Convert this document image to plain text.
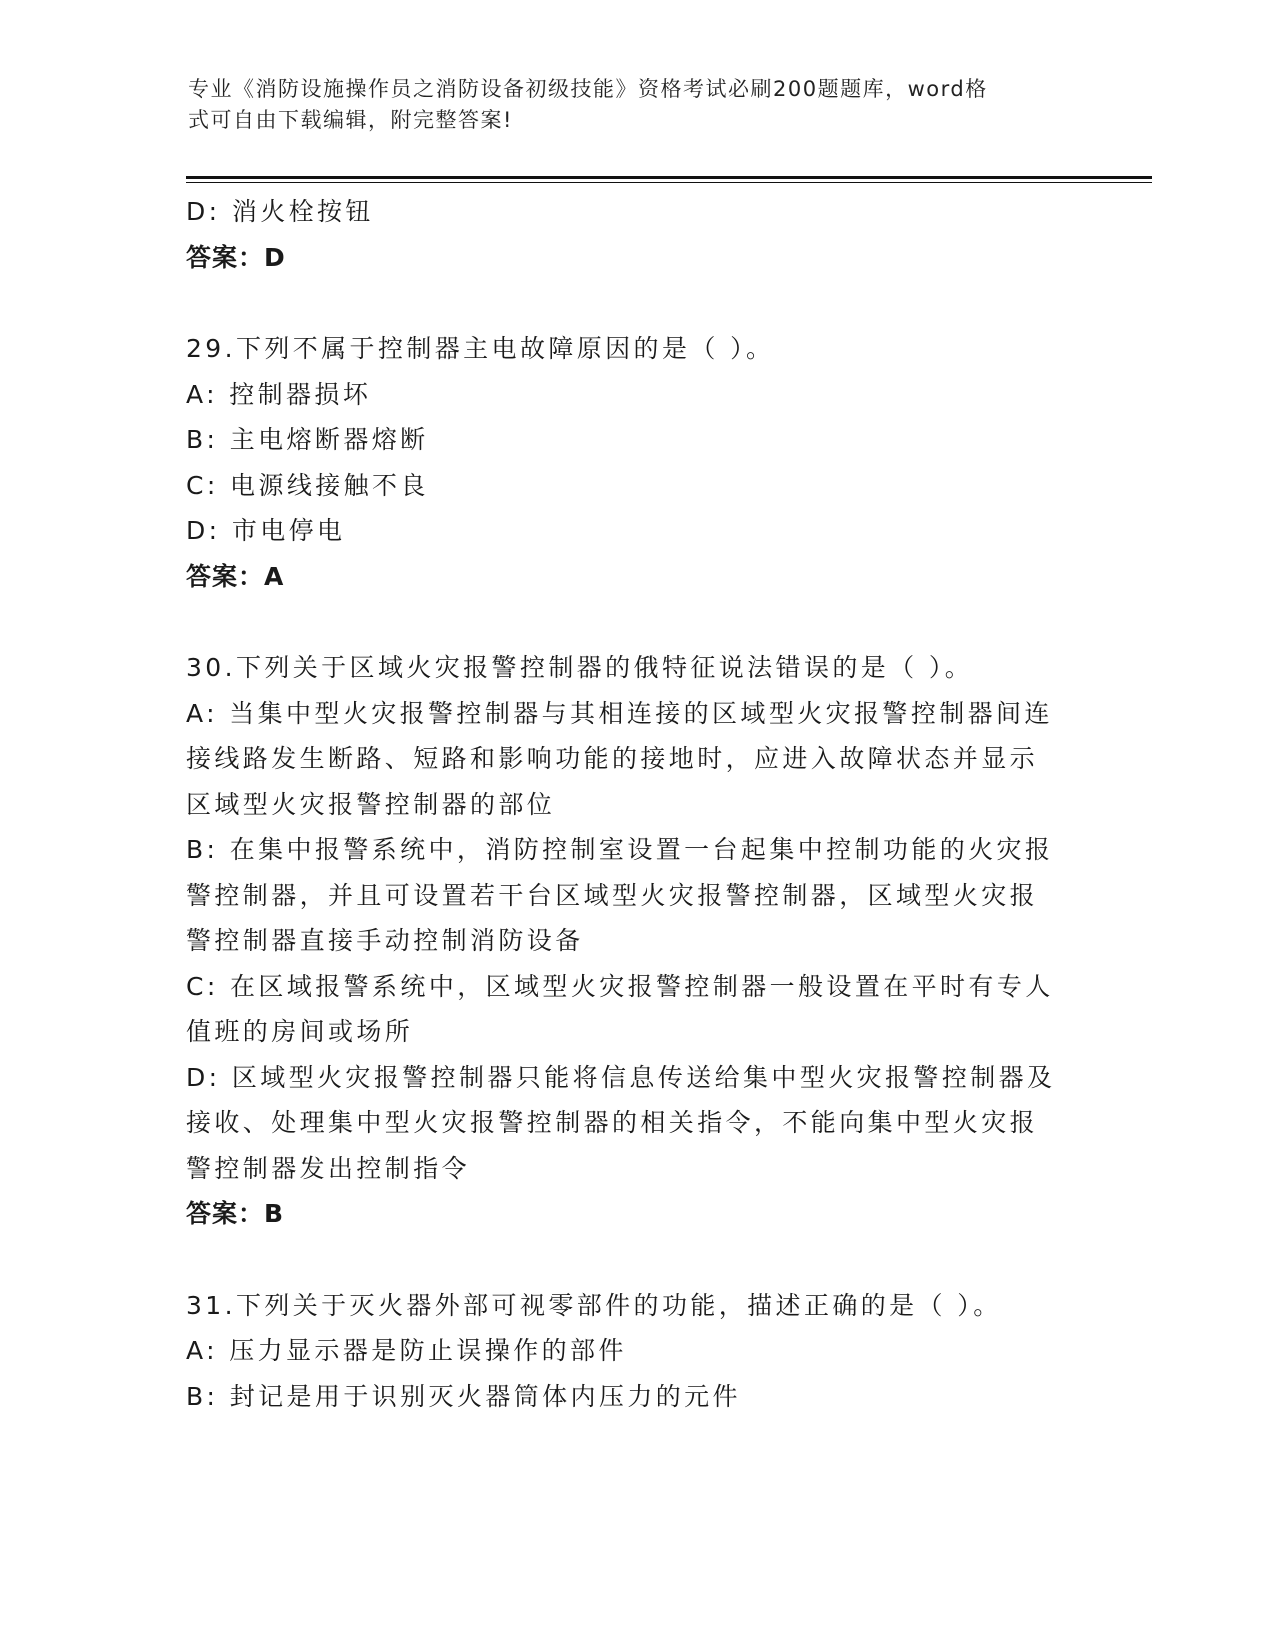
专业《消防设施操作员之消防设备初级技能》资格考试必刷200题题库，word格
式可自由下载编辑，附完整答案!
D: 消火栓按钮
答案：D
29.下列不属于控制器主电故障原因的是（ ）。
A: 控制器损坏
B: 主电熔断器熔断
C: 电源线接触不良
D: 市电停电
答案：A
30.下列关于区域火灾报警控制器的俄特征说法错误的是（ ）。
A: 当集中型火灾报警控制器与其相连接的区域型火灾报警控制器间连
接线路发生断路、短路和影响功能的接地时，应进入故障状态并显示
区域型火灾报警控制器的部位
B: 在集中报警系统中，消防控制室设置一台起集中控制功能的火灾报
警控制器，并且可设置若干台区域型火灾报警控制器，区域型火灾报
警控制器直接手动控制消防设备
C: 在区域报警系统中，区域型火灾报警控制器一般设置在平时有专人
值班的房间或场所
D: 区域型火灾报警控制器只能将信息传送给集中型火灾报警控制器及
接收、处理集中型火灾报警控制器的相关指令，不能向集中型火灾报
警控制器发出控制指令
答案：B
31.下列关于灭火器外部可视零部件的功能，描述正确的是（ ）。
A: 压力显示器是防止误操作的部件
B: 封记是用于识别灭火器筒体内压力的元件
